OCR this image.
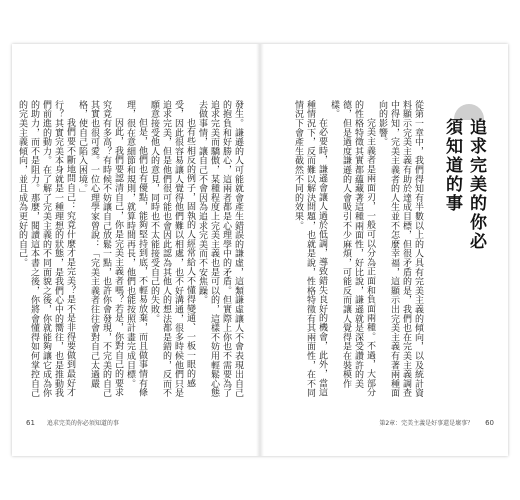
發生。謙遜的人可能就會產生錯誤的謙虛，這類謙虛讓人不會表現出自己的抱負和好勝心，這兩者都是心理學中的矛盾。但實際上你也不需要為了追求完美而驕傲，某種程度上完美主義也是可以的，這樣不妨用輕鬆心態去做事情，讓自己不會因為追求完美而不安焦躁。

也有些相反的例子，固執的人經常給人不懂得變通、一板一眼的感受，因此很容易讓人覺得他們難以相處，也不好溝通，很多時候他們只是追求完美，但是他們很可能也會因此認為其他人的想法都是錯的，反而不願意接受他人的意見，同時也不太能接受自己的失敗。

但是，他們也有優點，能夠堅持到底，不輕易放棄，而且做事情有條理，很在意細節和規則，就算時間再長，他們也能按照計畫完成目標。

因此，我們要認清自己，你是完美主義者嗎？若是，你對自己的要求究竟有多高？有時候不妨讓自己放鬆一點，也許你會發現，不完美的自己其實也很可愛。一位心理學家曾說：「完美主義者往往會對自己太過嚴格，使自己陷入困境。」

我們要不斷地問自己：究竟什麼才是完美？是不是非得要做到最好才行？其實完美本身就是一種理想的狀態，是我們心中的嚮往，也是推動我們前進的動力。在了解了完美主義的不同面貌之後，你就能夠讓它成為你的助力，而不是阻力。那麼，閱讀這本書之後，你將會懂得如何掌控自己的完美主義傾向，並且成為更好的自己。

61 追求完美的你必須知道的事
追求完美的你必須知道的事

從第一章中，我們得知有半數以上的人具有完美主義的傾向，以及統計資料顯示完美主義有助於達成目標，但很矛盾的是，我們也在完美主義調查中得知，完美主義者的人生並不怎麼幸福，這顯示出完美主義有著兩種面向的影響。

完美主義者是兩面刃，一般可以分為正面和負面兩種。不過，大部分的性格特徵其實都蘊藏著這種兩面性，好比說，謙遜就是深受讚許的美德，但是過度謙遜的人會吸引不少麻煩，可能反而讓人覺得是在裝模作樣。

在必要時，謙遜會讓人過於低調，導致錯失良好的機會，此外，當這種情況下，反而難以解決問題，也就是說，性格特徵有其兩面性，在不同情況下會產生截然不同的效果。

第2章：完美主義是好事還是壞事？ 60
